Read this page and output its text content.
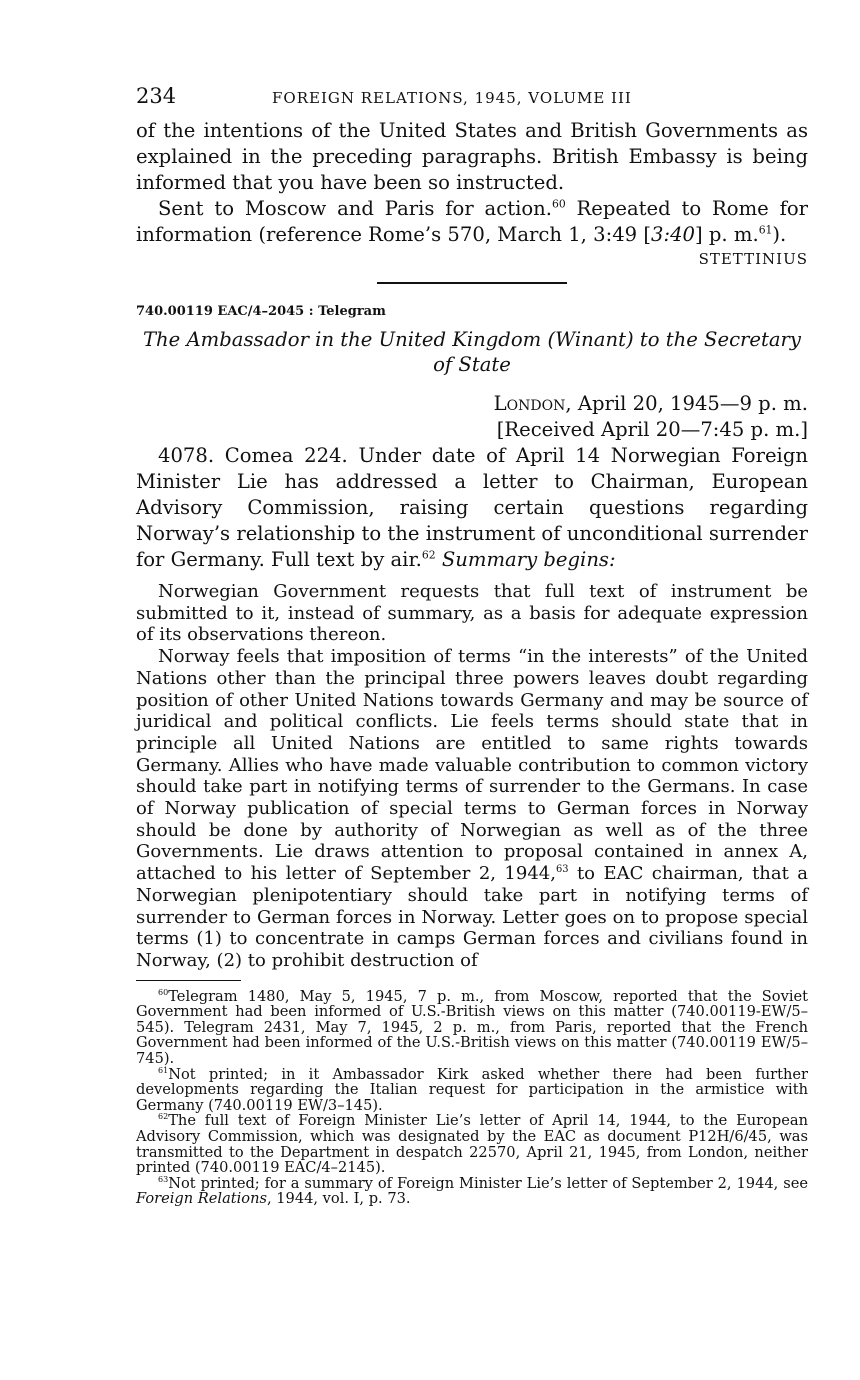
234	FOREIGN RELATIONS, 1945, VOLUME III

of the intentions of the United States and British Governments as explained in the preceding paragraphs. British Embassy is being informed that you have been so instructed.

Sent to Moscow and Paris for action.$^{60}$ Repeated to Rome for information (reference Rome’s 570, March 1, 3:49 [3:40] p. m.$^{61}$).

STETTINIUS
740.00119 EAC/4–2045 : Telegram
The Ambassador in the United Kingdom (Winant) to the Secretary of State
London, April 20, 1945—9 p. m.
[Received April 20—7:45 p. m.]

4078. Comea 224. Under date of April 14 Norwegian Foreign Minister Lie has addressed a letter to Chairman, European Advisory Commission, raising certain questions regarding Norway’s relationship to the instrument of unconditional surrender for Germany. Full text by air.$^{62}$ Summary begins:

Norwegian Government requests that full text of instrument be submitted to it, instead of summary, as a basis for adequate expression of its observations thereon.

Norway feels that imposition of terms “in the interests” of the United Nations other than the principal three powers leaves doubt regarding position of other United Nations towards Germany and may be source of juridical and political conflicts. Lie feels terms should state that in principle all United Nations are entitled to same rights towards Germany. Allies who have made valuable contribution to common victory should take part in notifying terms of surrender to the Germans. In case of Norway publication of special terms to German forces in Norway should be done by authority of Norwegian as well as of the three Governments. Lie draws attention to proposal contained in annex A, attached to his letter of September 2, 1944,63 to EAC chairman, that a Norwegian plenipotentiary should take part in notifying terms of surrender to German forces in Norway. Letter goes on to propose special terms (1) to concentrate in camps German forces and civilians found in Norway, (2) to prohibit destruction of

$^{60}$Telegram 1480, May 5, 1945, 7 p. m., from Moscow, reported that the Soviet Government had been informed of U.S.-British views on this matter (740.00119-EW/5–545). Telegram 2431, May 7, 1945, 2 p. m., from Paris, reported that the French Government had been informed of the U.S.-British views on this matter (740.00119 EW/5–745).

$^{61}$Not printed; in it Ambassador Kirk asked whether there had been further developments regarding the Italian request for participation in the armistice with Germany (740.00119 EW/3–145).

$^{62}$The full text of Foreign Minister Lie’s letter of April 14, 1944, to the European Advisory Commission, which was designated by the EAC as document P12H/6/45, was transmitted to the Department in despatch 22570, April 21, 1945, from London, neither printed (740.00119 EAC/4–2145).

$^{63}$Not printed; for a summary of Foreign Minister Lie’s letter of September 2, 1944, see Foreign Relations, 1944, vol. I, p. 73.
